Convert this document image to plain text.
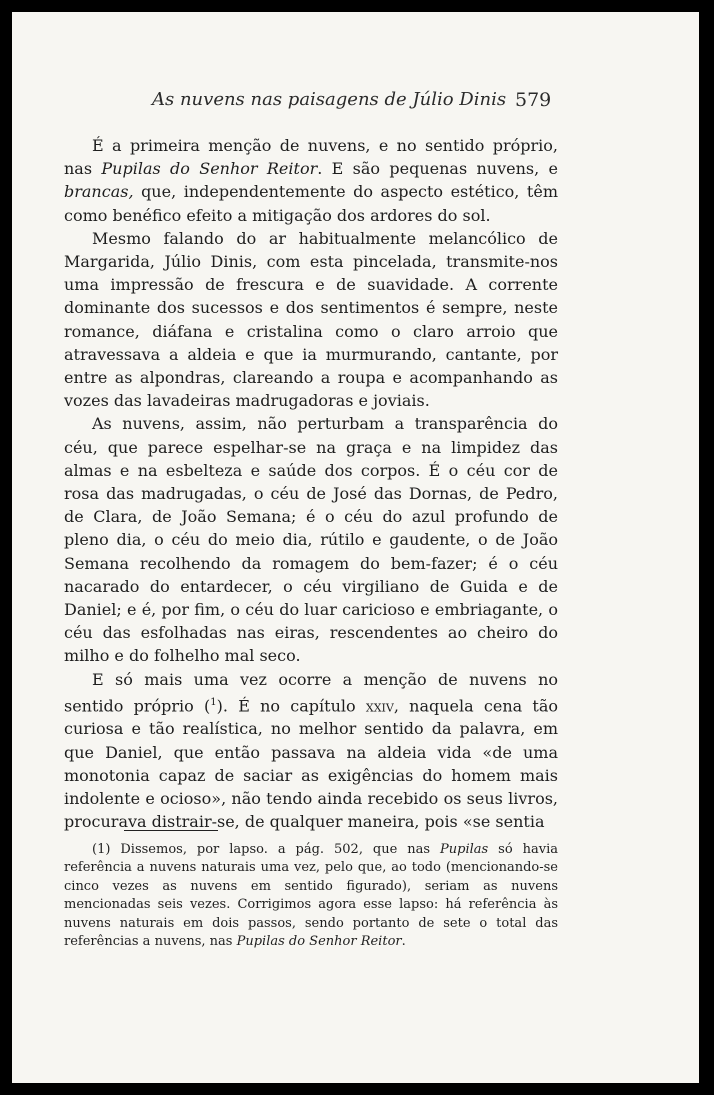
As nuvens nas paisagens de Júlio Dinis 579

É a primeira menção de nuvens, e no sentido próprio, nas Pupilas do Senhor Reitor. E são pequenas nuvens, e brancas, que, independentemente do aspecto estético, têm como benéfico efeito a mitigação dos ardores do sol.

Mesmo falando do ar habitualmente melancólico de Margarida, Júlio Dinis, com esta pincelada, transmite-nos uma impressão de frescura e de suavidade. A corrente dominante dos sucessos e dos sentimentos é sempre, neste romance, diáfana e cristalina como o claro arroio que atravessava a aldeia e que ia murmurando, cantante, por entre as alpondras, clareando a roupa e acompanhando as vozes das lavadeiras madrugadoras e joviais.

As nuvens, assim, não perturbam a transparência do céu, que parece espelhar-se na graça e na limpidez das almas e na esbelteza e saúde dos corpos. É o céu cor de rosa das madrugadas, o céu de José das Dornas, de Pedro, de Clara, de João Semana; é o céu do azul profundo de pleno dia, o céu do meio dia, rútilo e gaudente, o de João Semana recolhendo da romagem do bem-fazer; é o céu nacarado do entardecer, o céu virgiliano de Guida e de Daniel; e é, por fim, o céu do luar caricioso e embriagante, o céu das esfolhadas nas eiras, rescendentes ao cheiro do milho e do folhelho mal seco.

E só mais uma vez ocorre a menção de nuvens no sentido próprio ($^1$). É no capítulo xxiv, naquela cena tão curiosa e tão realística, no melhor sentido da palavra, em que Daniel, que então passava na aldeia vida «de uma monotonia capaz de saciar as exigências do homem mais indolente e ocioso», não tendo ainda recebido os seus livros, procurava distrair-se, de qualquer maneira, pois «se sentia

(1) Dissemos, por lapso. a pág. 502, que nas Pupilas só havia referência a nuvens naturais uma vez, pelo que, ao todo (mencionando-se cinco vezes as nuvens em sentido figurado), seriam as nuvens mencionadas seis vezes. Corrigimos agora esse lapso: há referência às nuvens naturais em dois passos, sendo portanto de sete o total das referências a nuvens, nas Pupilas do Senhor Reitor.
